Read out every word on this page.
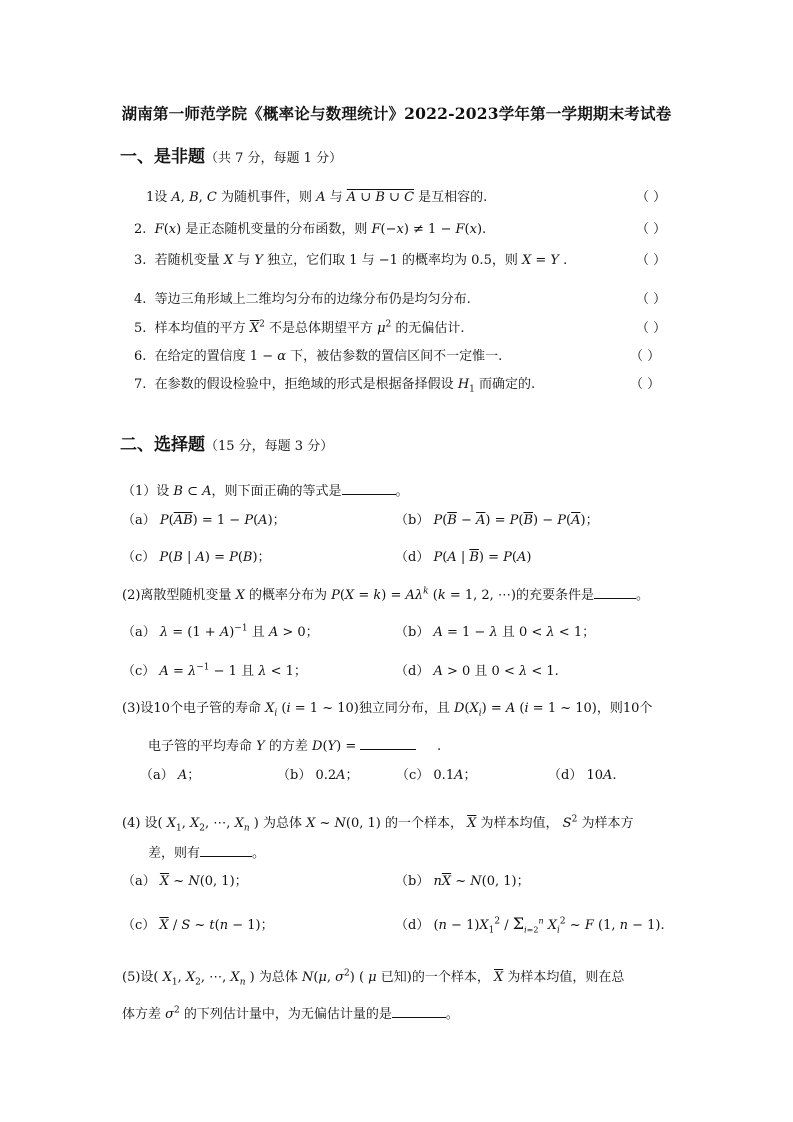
湖南第一师范学院《概率论与数理统计》2022-2023学年第一学期期末考试卷
一、是非题（共 7 分，每题 1 分）
1设 A, B, C 为随机事件，则 A 与 A ∪ B ∪ C 是互相容的.	（ ）
2.  F(x) 是正态随机变量的分布函数，则 F(−x) ≠ 1 − F(x).	（ ）
3.  若随机变量 X 与 Y 独立，它们取 1 与 −1 的概率均为 0.5，则 X = Y .	（ ）
4.  等边三角形域上二维均匀分布的边缘分布仍是均匀分布.	（ ）
5.  样本均值的平方 $\overline{X}^2$ 不是总体期望平方 $\mu^2$ 的无偏估计.	（ ）
6.  在给定的置信度 1 − α 下，被估参数的置信区间不一定惟一.	（ ）
7.  在参数的假设检验中，拒绝域的形式是根据备择假设 $H_1$ 而确定的.	（ ）
二、选择题（15 分，每题 3 分）
（1）设 B ⊂ A，则下面正确的等式是	。
（a） $P(\overline{AB}) = 1 - P(A)$；	（b） $P(\overline{B} - \overline{A}) = P(\overline{B}) - P(\overline{A})$；
（c） P(B | A) = P(B)；	（d） P(A | $\overline{B}) = P(A)$
(2)离散型随机变量 X 的概率分布为 $P(X = k) = A\lambda^k$ (k = 1, 2, ⋯)的充要条件是	。
（a） $\lambda = (1 + A)^{-1}$ 且 A > 0；	（b） A = 1 − λ 且 0 < λ < 1；
（c） $A = \lambda^{-1} - 1$ 且 λ < 1；	（d） A > 0 且 0 < λ < 1.
(3)设10个电子管的寿命 $X_i$ (i = 1 ~ 10)独立同分布，且 $D(X_i) = A$ (i = 1 ~ 10)，则10个
电子管的平均寿命 Y 的方差 D(Y) =	.
（a） A；	（b） 0.2A；	（c） 0.1A；	（d） 10A.
(4) 设( $X_1$, $X_2$, ⋯, $X_n$ ) 为总体 X ~ N(0, 1) 的一个样本， $\overline{X}$ 为样本均值， $S^2$ 为样本方
差，则有	。
（a） $\overline{X}$ ~ N(0, 1)；	（b） $n\overline{X}$ ~ N(0, 1)；
（c） $\overline{X}$ / S ~ t(n − 1)；	（d） $(n - 1)X_1^2 / \Sigma_{i=2}^n$ $X_i^2$ ~ F (1, n − 1).
(5)设( $X_1$, $X_2$, ⋯, $X_n$ ) 为总体 N(μ, $\sigma^2$) ( μ 已知)的一个样本， $\overline{X}$ 为样本均值，则在总
体方差 $\sigma^2$ 的下列估计量中，为无偏估计量的是	。
